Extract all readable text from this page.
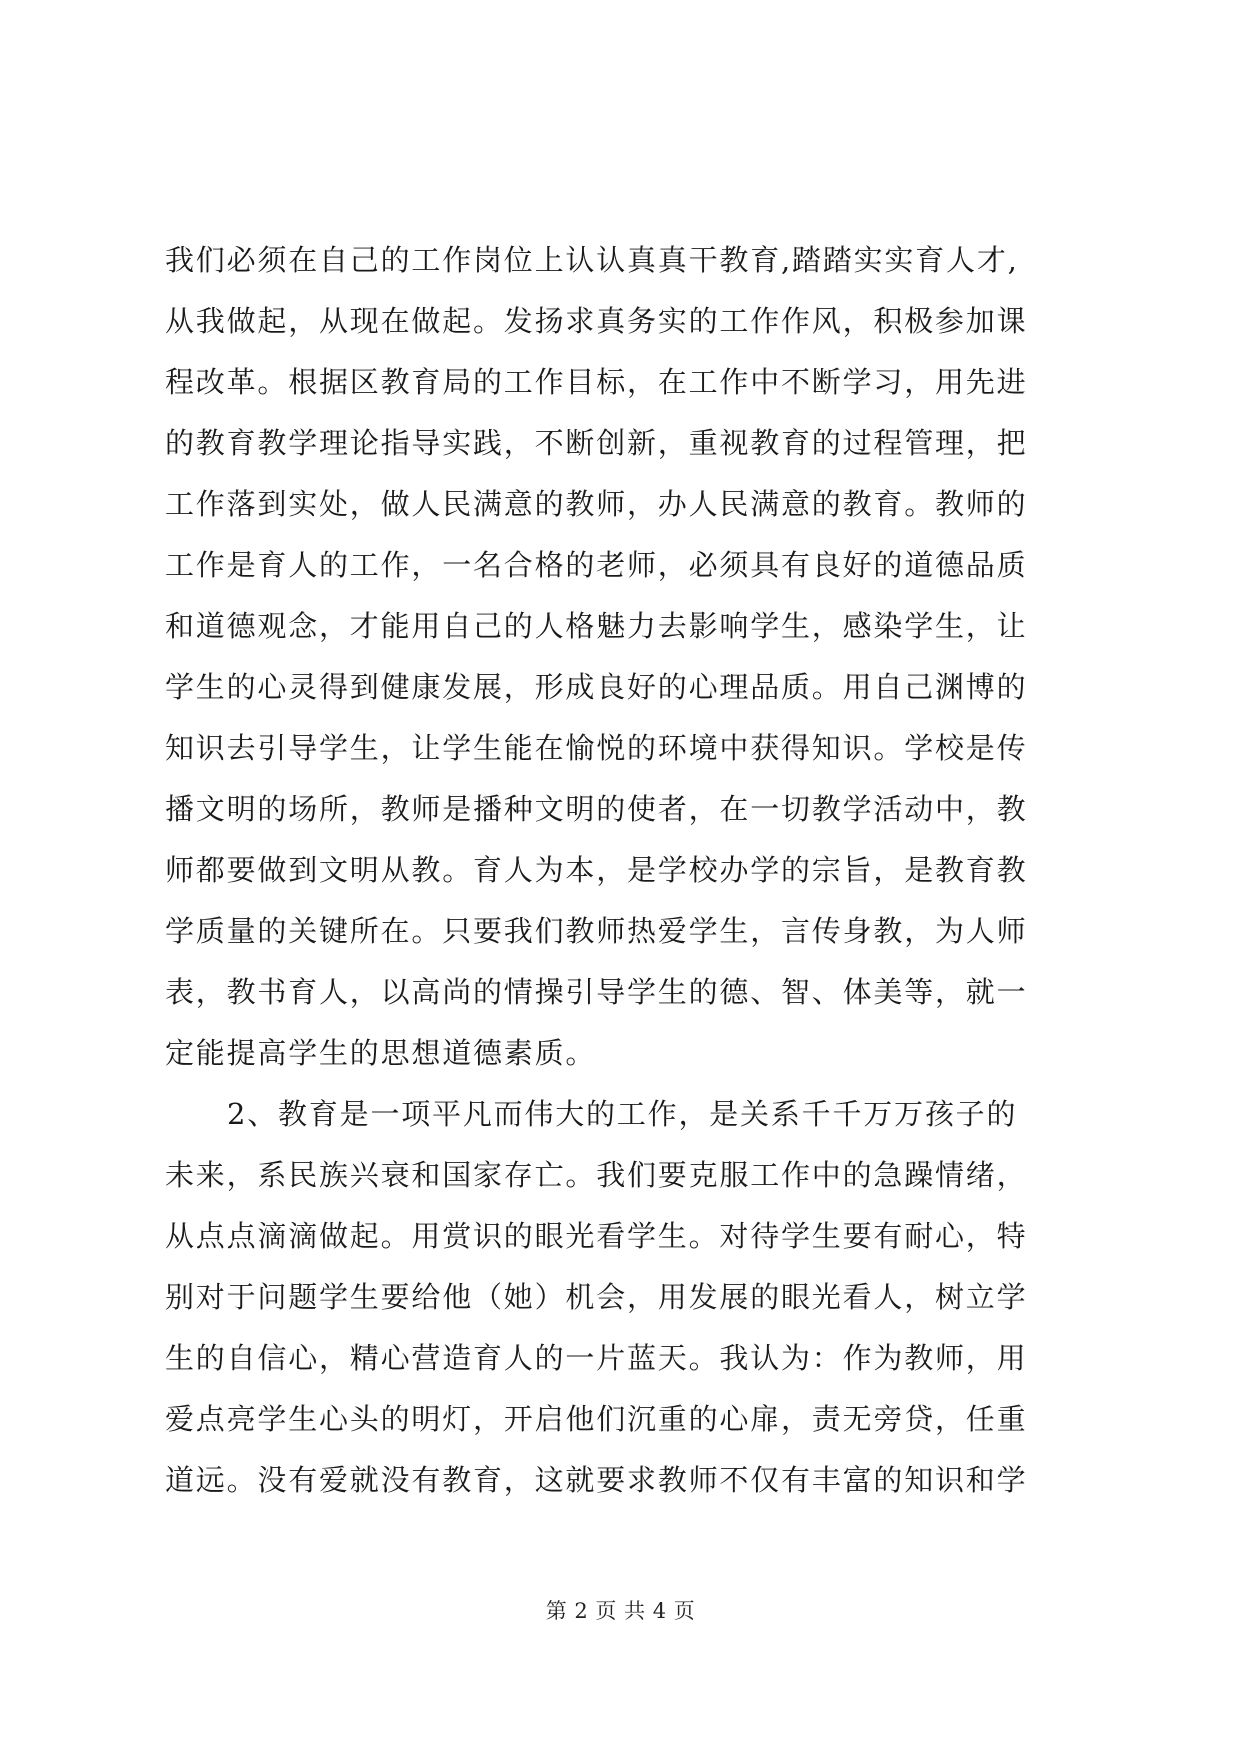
我们必须在自己的工作岗位上认认真真干教育,踏踏实实育人才,
从我做起，从现在做起。发扬求真务实的工作作风，积极参加课
程改革。根据区教育局的工作目标，在工作中不断学习，用先进
的教育教学理论指导实践，不断创新，重视教育的过程管理，把
工作落到实处，做人民满意的教师，办人民满意的教育。教师的
工作是育人的工作，一名合格的老师，必须具有良好的道德品质
和道德观念，才能用自己的人格魅力去影响学生，感染学生，让
学生的心灵得到健康发展，形成良好的心理品质。用自己渊博的
知识去引导学生，让学生能在愉悦的环境中获得知识。学校是传
播文明的场所，教师是播种文明的使者，在一切教学活动中，教
师都要做到文明从教。育人为本，是学校办学的宗旨，是教育教
学质量的关键所在。只要我们教师热爱学生，言传身教，为人师
表，教书育人，以高尚的情操引导学生的德、智、体美等，就一
定能提高学生的思想道德素质。
2、教育是一项平凡而伟大的工作，是关系千千万万孩子的
未来，系民族兴衰和国家存亡。我们要克服工作中的急躁情绪，
从点点滴滴做起。用赏识的眼光看学生。对待学生要有耐心，特
别对于问题学生要给他（她）机会，用发展的眼光看人，树立学
生的自信心，精心营造育人的一片蓝天。我认为：作为教师，用
爱点亮学生心头的明灯，开启他们沉重的心扉，责无旁贷，任重
道远。没有爱就没有教育，这就要求教师不仅有丰富的知识和学
第 2 页 共 4 页
